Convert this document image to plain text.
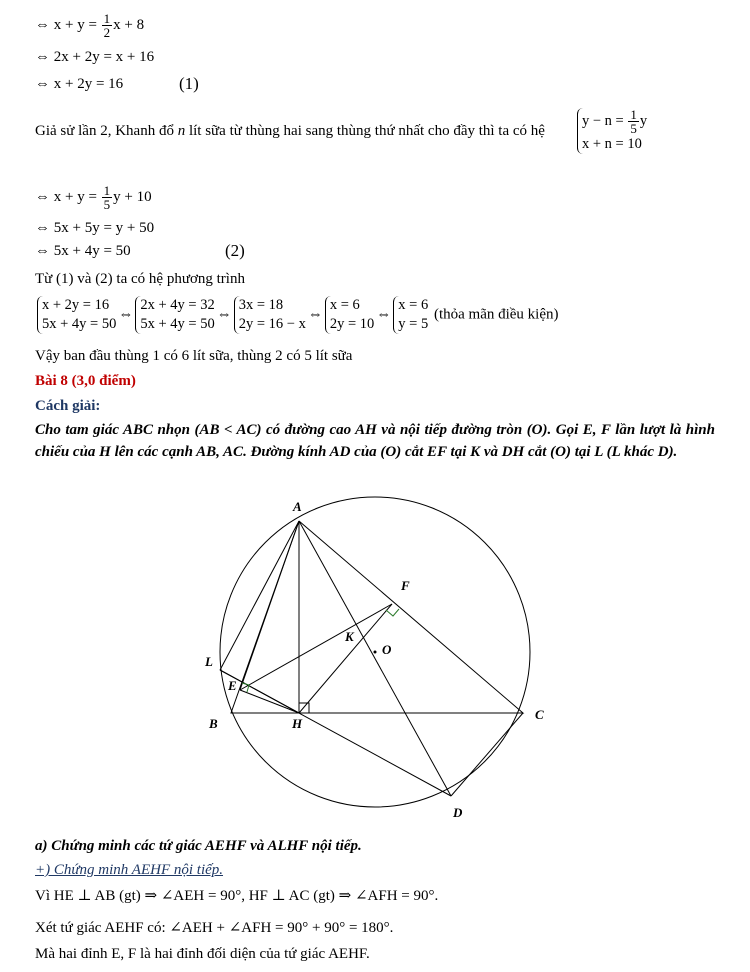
⇔ $x + y = \frac{1}{2}$ x + 8
⇔ 2x + 2y = x + 16
⇔ x + 2y = 16	(1)
Giả sử lần 2, Khanh đổ n lít sữa từ thùng hai sang thùng thứ nhất cho đầy thì ta có hệ
$y - n = \frac{1}{5}$ y
x + n = 10
⇔ $x + y = \frac{1}{5}$ y + 10
⇔ 5x + 5y = y + 50
⇔ 5x + 4y = 50	(2)
Từ (1) và (2) ta có hệ phương trình
x + 2y = 16
5x + 4y = 50
⇔
2x + 4y = 32
5x + 4y = 50
⇔
3x = 18
2y = 16 − x
⇔
x = 6
2y = 10
⇔
x = 6
y = 5
(thỏa mãn điều kiện)
Vậy ban đầu thùng 1 có 6 lít sữa, thùng 2 có 5 lít sữa
Bài 8 (3,0 điểm)
Cách giải:
Cho tam giác ABC nhọn (AB < AC) có đường cao AH và nội tiếp đường tròn (O). Gọi E, F lần lượt là hình chiếu của H lên các cạnh AB, AC. Đường kính AD của (O) cắt EF tại K và DH cắt (O) tại L (L khác D).
A
B
C
D
E
F
H
K
L
O
a) Chứng minh các tứ giác AEHF và ALHF nội tiếp.
+) Chứng minh AEHF nội tiếp.
Vì HE ⊥ AB (gt) ⇒ ∠AEH = 90°, HF ⊥ AC (gt) ⇒ ∠AFH = 90°.
Xét tứ giác AEHF có: ∠AEH + ∠AFH = 90° + 90° = 180°.
Mà hai đỉnh E, F là hai đỉnh đối diện của tứ giác AEHF.
